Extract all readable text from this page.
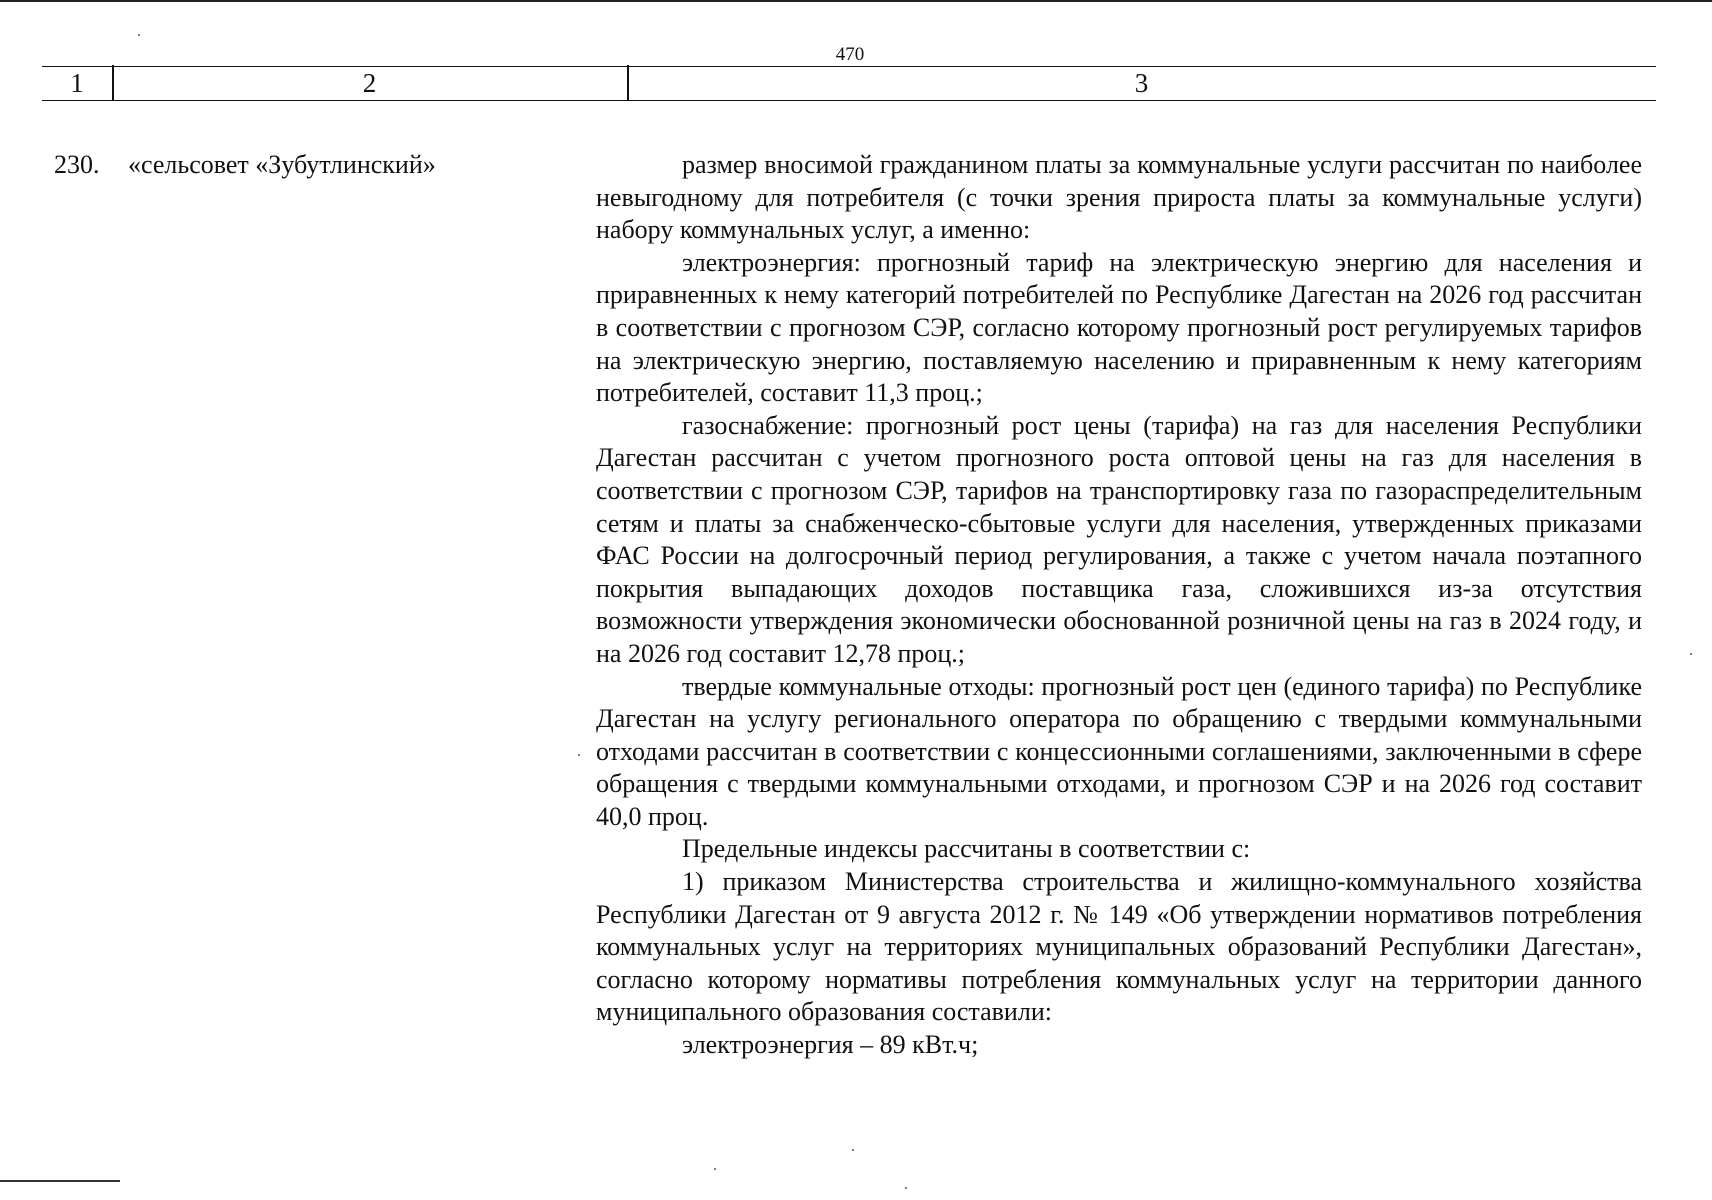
470
1	2	3
230. «сельсовет «Зубутлинский»	размер вносимой гражданином платы за коммунальные услуги рассчитан по наиболее невыгодному для потребителя (с точки зрения прироста платы за коммунальные услуги) набору коммунальных услуг, а именно:

электроэнергия: прогнозный тариф на электрическую энергию для населения и приравненных к нему категорий потребителей по Республике Дагестан на 2026 год рассчитан в соответствии с прогнозом СЭР, согласно которому прогнозный рост регулируемых тарифов на электрическую энергию, поставляемую населению и приравненным к нему категориям потребителей, составит 11,3 проц.;

газоснабжение: прогнозный рост цены (тарифа) на газ для населения Республики Дагестан рассчитан с учетом прогнозного роста оптовой цены на газ для населения в соответствии с прогнозом СЭР, тарифов на транспортировку газа по газораспределительным сетям и платы за снабженческо-сбытовые услуги для населения, утвержденных приказами ФАС России на долгосрочный период регулирования, а также с учетом начала поэтапного покрытия выпадающих доходов поставщика газа, сложившихся из-за отсутствия возможности утверждения экономически обоснованной розничной цены на газ в 2024 году, и на 2026 год составит 12,78 проц.;

твердые коммунальные отходы: прогнозный рост цен (единого тарифа) по Республике Дагестан на услугу регионального оператора по обращению с твердыми коммунальными отходами рассчитан в соответствии с концессионными соглашениями, заключенными в сфере обращения с твердыми коммунальными отходами, и прогнозом СЭР и на 2026 год составит 40,0 проц.

Предельные индексы рассчитаны в соответствии с:

1) приказом Министерства строительства и жилищно-коммунального хозяйства Республики Дагестан от 9 августа 2012 г. № 149 «Об утверждении нормативов потребления коммунальных услуг на территориях муниципальных образований Республики Дагестан», согласно которому нормативы потребления коммунальных услуг на территории данного муниципального образования составили:

электроэнергия – 89 кВт.ч;
